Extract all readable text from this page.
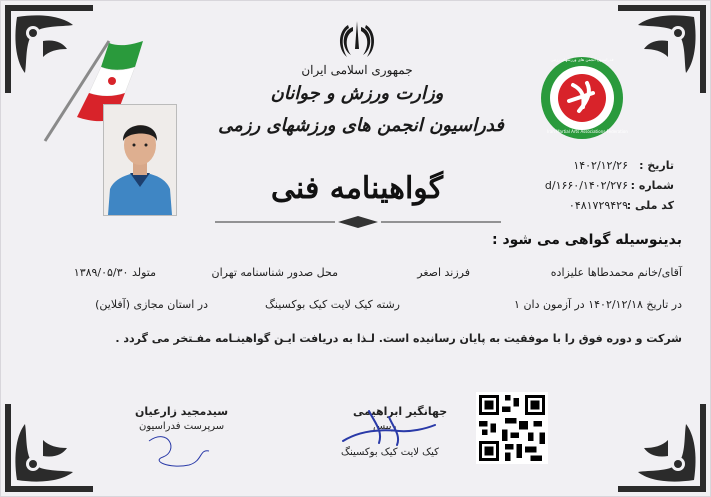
جمهوری اسلامی ایران
وزارت ورزش و جوانان
فدراسیون انجمن های ورزشهای رزمی
فدراسیون انجمن های ورزشهای رزمی
Iran Martial Arts Associations Federation
تاریخ :
۱۴۰۲/۱۲/۲۶
شماره :
۱۴۰۲/۲۷۶/d/۱۶۶۰
کد ملی :
۰۴۸۱۷۲۹۴۲۹
گواهینامه فنی
بدینوسیله گواهی می شود :
آقای/خانم محمدطاها علیزاده
فرزند اصغر
محل صدور شناسنامه تهران
متولد ۱۳۸۹/۰۵/۳۰
در تاریخ ۱۴۰۲/۱۲/۱۸ در آزمون دان ۱
رشته کیک لایت کیک بوکسینگ
در استان مجازی (آفلاین)
شرکت و دوره فوق را با موفقیت به پایان رسانیده است. لـذا به دریافت ایـن گواهینـامه مفـتخر می گردد .
سیدمجید زارعیان
سرپرست فدراسیون
جهانگیر ابراهیمی
رییس
کیک لایت کیک بوکسینگ
